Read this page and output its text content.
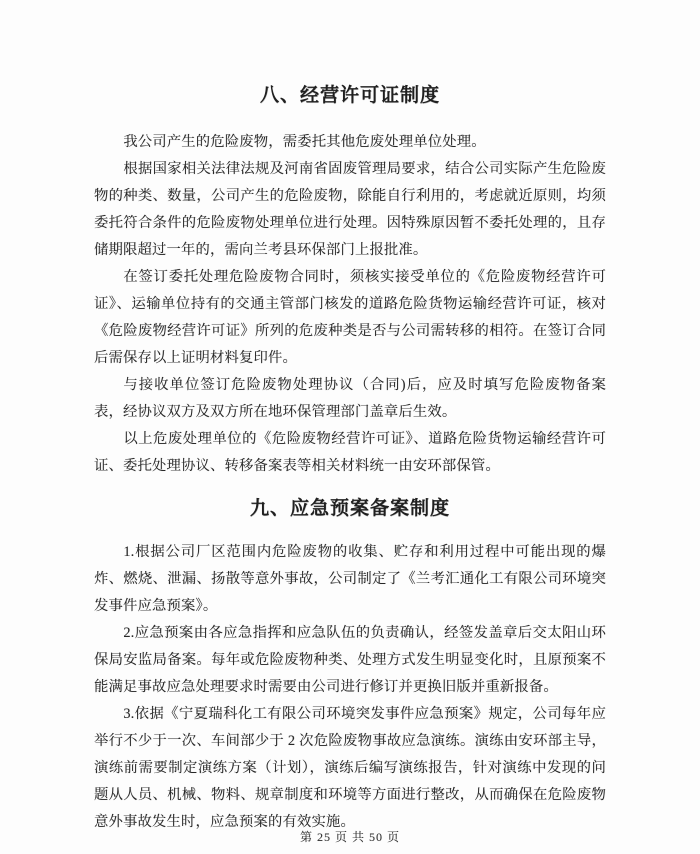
八、经营许可证制度

我公司产生的危险废物，需委托其他危废处理单位处理。

根据国家相关法律法规及河南省固废管理局要求，结合公司实际产生危险废物的种类、数量，公司产生的危险废物，除能自行利用的，考虑就近原则，均须委托符合条件的危险废物处理单位进行处理。因特殊原因暂不委托处理的，且存储期限超过一年的，需向兰考县环保部门上报批准。

在签订委托处理危险废物合同时，须核实接受单位的《危险废物经营许可证》、运输单位持有的交通主管部门核发的道路危险货物运输经营许可证，核对《危险废物经营许可证》所列的危废种类是否与公司需转移的相符。在签订合同后需保存以上证明材料复印件。

与接收单位签订危险废物处理协议（合同)后，应及时填写危险废物备案表，经协议双方及双方所在地环保管理部门盖章后生效。

以上危废处理单位的《危险废物经营许可证》、道路危险货物运输经营许可证、委托处理协议、转移备案表等相关材料统一由安环部保管。

九、应急预案备案制度

1.根据公司厂区范围内危险废物的收集、贮存和利用过程中可能出现的爆炸、燃烧、泄漏、扬散等意外事故，公司制定了《兰考汇通化工有限公司环境突发事件应急预案》。

2.应急预案由各应急指挥和应急队伍的负责确认，经签发盖章后交太阳山环保局安监局备案。每年或危险废物种类、处理方式发生明显变化时，且原预案不能满足事故应急处理要求时需要由公司进行修订并更换旧版并重新报备。

3.依据《宁夏瑞科化工有限公司环境突发事件应急预案》规定，公司每年应举行不少于一次、车间部少于 2 次危险废物事故应急演练。演练由安环部主导，演练前需要制定演练方案（计划），演练后编写演练报告，针对演练中发现的问题从人员、机械、物料、规章制度和环境等方面进行整改，从而确保在危险废物意外事故发生时，应急预案的有效实施。

第 25 页 共 50 页
